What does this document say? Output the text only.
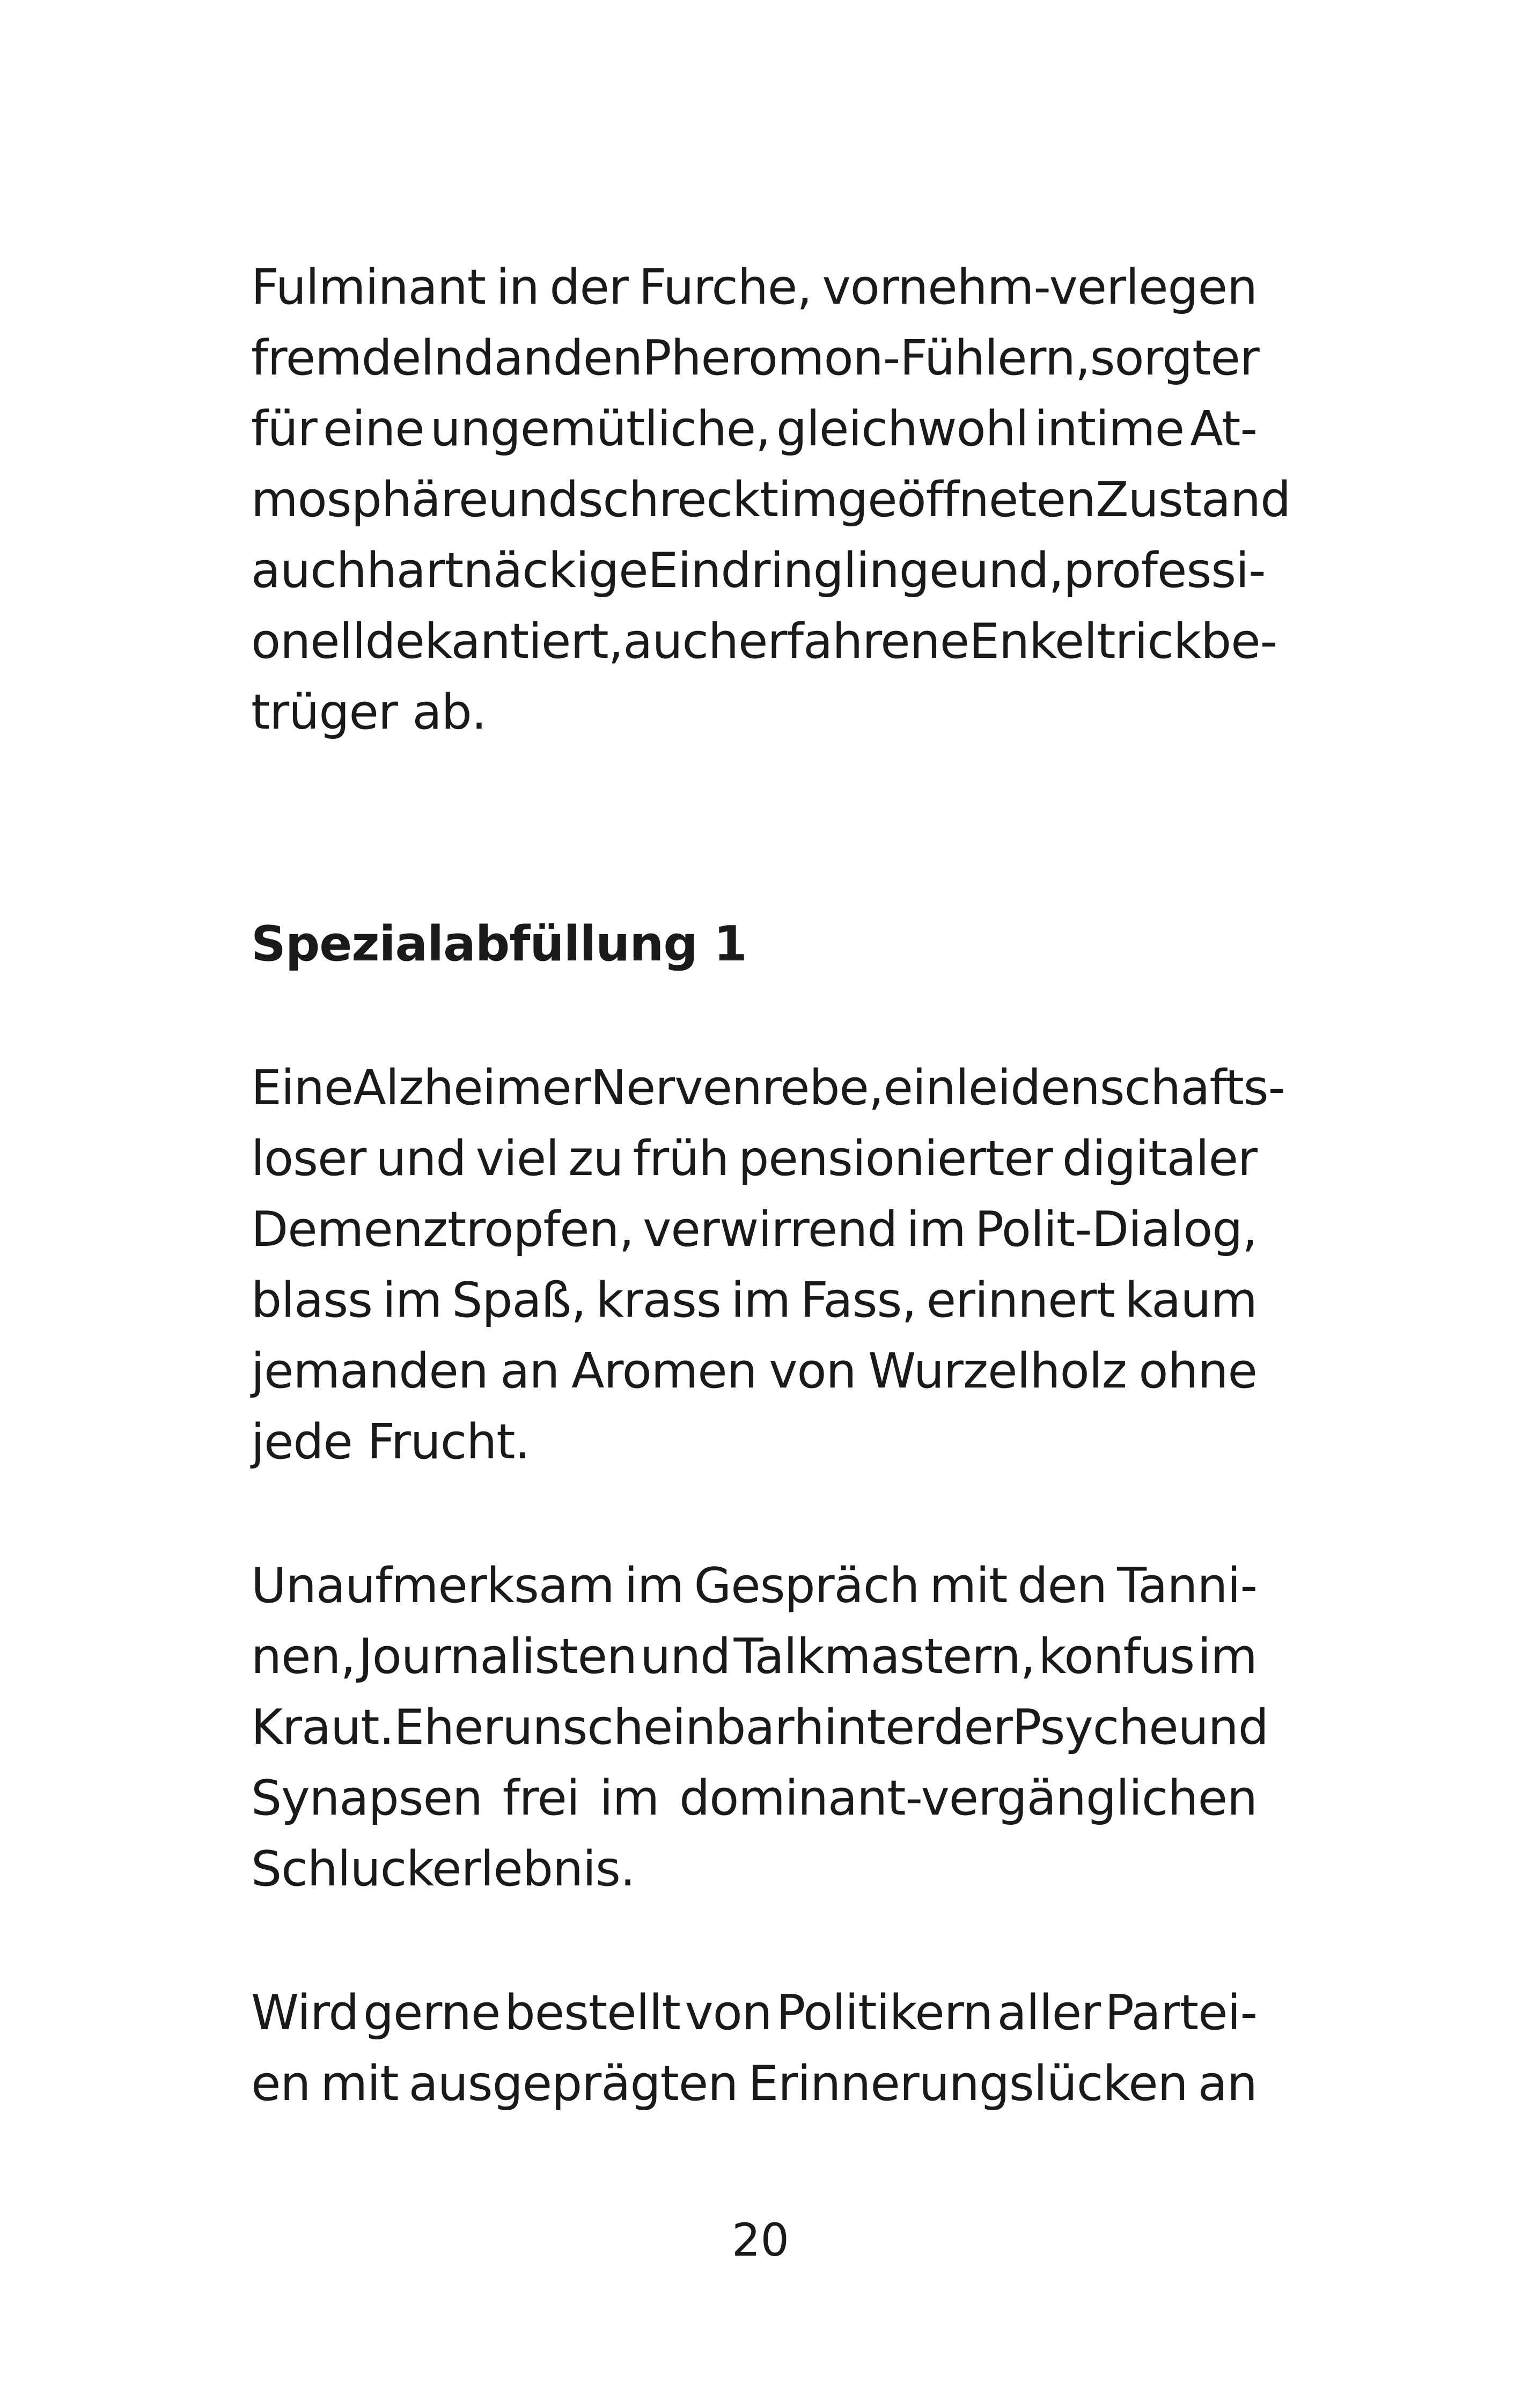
Fulminant in der Furche, vornehm-verlegen
fremdelnd an den Pheromon-Fühlern, sorgt er
für eine ungemütliche, gleichwohl intime At-
mosphäre und schreckt im geöffneten Zustand
auch hartnäckige Eindringlinge und, professi-
onell dekantiert, auch erfahrene Enkeltrickbe-
trüger ab.
Spezialabfüllung 1
Eine Alzheimer Nervenrebe, ein leidenschafts-
loser und viel zu früh pensionierter digitaler
Demenztropfen, verwirrend im Polit-Dialog,
blass im Spaß, krass im Fass, erinnert kaum
jemanden an Aromen von Wurzelholz ohne
jede Frucht.
Unaufmerksam im Gespräch mit den Tanni-
nen, Journalisten und Talkmastern, konfus im
Kraut. Eher unscheinbar hinter der Psyche und
Synapsen frei im dominant-vergänglichen
Schluckerlebnis.
Wird gerne bestellt von Politikern aller Partei-
en mit ausgeprägten Erinnerungslücken an
20
